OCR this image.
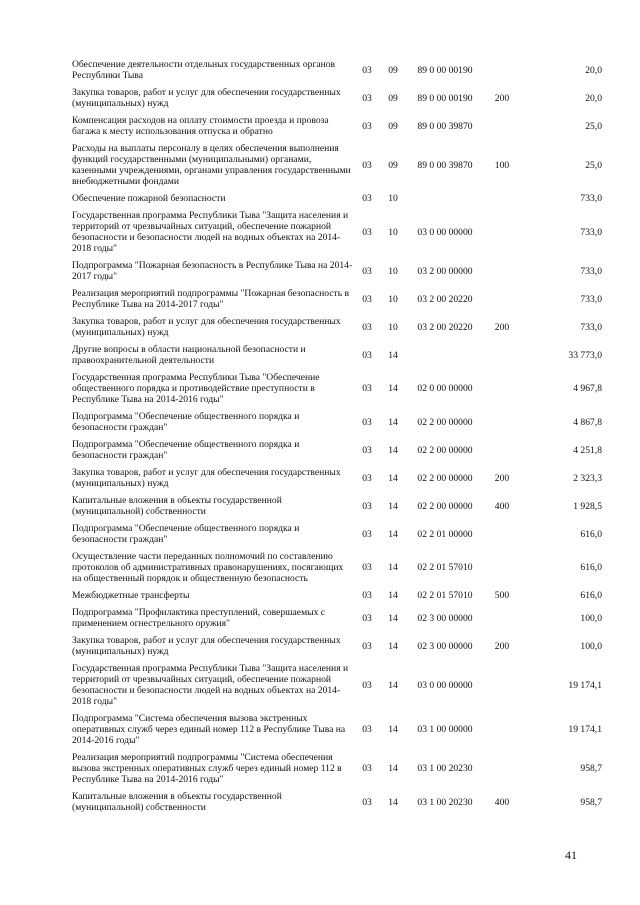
Обеспечение деятельности отдельных государственных органов Республики Тыва	03	09	89 0 00 00190		20,0
Закупка товаров, работ и услуг для обеспечения государственных (муниципальных) нужд	03	09	89 0 00 00190	200	20,0
Компенсация расходов на оплату стоимости проезда и провоза багажа к месту использования отпуска и обратно	03	09	89 0 00 39870		25,0
Расходы на выплаты персоналу в целях обеспечения выполнения функций государственными (муниципальными) органами, казенными учреждениями, органами управления государственными внебюджетными фондами	03	09	89 0 00 39870	100	25,0
Обеспечение пожарной безопасности	03	10			733,0
Государственная программа Республики Тыва "Защита населения и территорий от чрезвычайных ситуаций, обеспечение пожарной безопасности и безопасности людей на водных объектах на 2014-2018 годы"	03	10	03 0 00 00000		733,0
Подпрограмма "Пожарная безопасность в Республике Тыва на 2014-2017 годы"	03	10	03 2 00 00000		733,0
Реализация мероприятий подпрограммы "Пожарная безопасность в Республике Тыва на 2014-2017 годы"	03	10	03 2 00 20220		733,0
Закупка товаров, работ и услуг для обеспечения государственных (муниципальных) нужд	03	10	03 2 00 20220	200	733,0
Другие вопросы в области национальной безопасности и правоохранительной деятельности	03	14			33 773,0
Государственная программа Республики Тыва "Обеспечение общественного порядка и противодействие преступности в Республике Тыва на 2014-2016 годы"	03	14	02 0 00 00000		4 967,8
Подпрограмма "Обеспечение общественного порядка и безопасности граждан"	03	14	02 2 00 00000		4 867,8
Подпрограмма "Обеспечение общественного порядка и безопасности граждан"	03	14	02 2 00 00000		4 251,8
Закупка товаров, работ и услуг для обеспечения государственных (муниципальных) нужд	03	14	02 2 00 00000	200	2 323,3
Капитальные вложения в объекты государственной (муниципальной) собственности	03	14	02 2 00 00000	400	1 928,5
Подпрограмма "Обеспечение общественного порядка и безопасности граждан"	03	14	02 2 01 00000		616,0
Осуществление части переданных полномочий по составлению протоколов об административных правонарушениях, посягающих на общественный порядок и общественную безопасность	03	14	02 2 01 57010		616,0
Межбюджетные трансферты	03	14	02 2 01 57010	500	616,0
Подпрограмма "Профилактика преступлений, совершаемых с применением огнестрельного оружия"	03	14	02 3 00 00000		100,0
Закупка товаров, работ и услуг для обеспечения государственных (муниципальных) нужд	03	14	02 3 00 00000	200	100,0
Государственная программа Республики Тыва "Защита населения и территорий от чрезвычайных ситуаций, обеспечение пожарной безопасности и безопасности людей на водных объектах на 2014-2018 годы"	03	14	03 0 00 00000		19 174,1
Подпрограмма "Система обеспечения вызова экстренных оперативных служб через единый номер 112 в Республике Тыва на 2014-2016 годы"	03	14	03 1 00 00000		19 174,1
Реализация мероприятий подпрограммы "Система обеспечения вызова экстренных оперативных служб через единый номер 112 в Республике Тыва на 2014-2016 годы"	03	14	03 1 00 20230		958,7
Капитальные вложения в объекты государственной (муниципальной) собственности	03	14	03 1 00 20230	400	958,7
41
